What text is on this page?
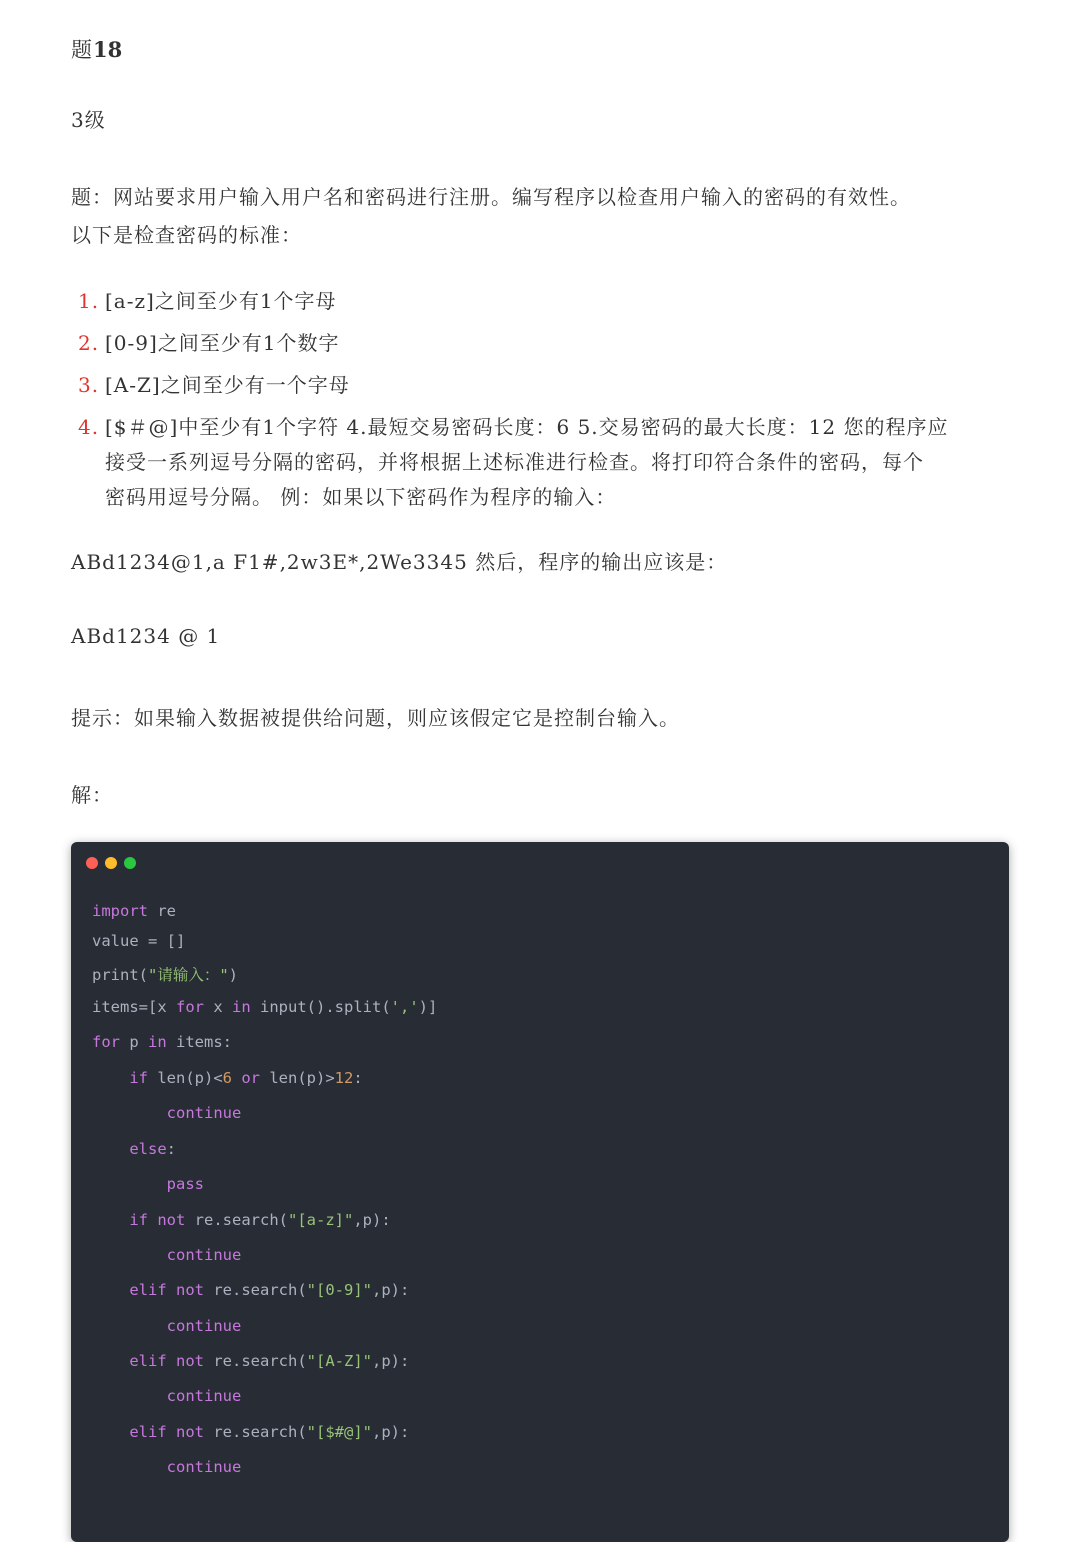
题18
3级
题：网站要求用户输入用户名和密码进行注册。编写程序以检查用户输入的密码的有效性。
以下是检查密码的标准：
1. [a-z]之间至少有1个字母
2. [0-9]之间至少有1个数字
3. [A-Z]之间至少有一个字母
4. [$＃@]中至少有1个字符 4.最短交易密码长度：6 5.交易密码的最大长度：12 您的程序应
接受一系列逗号分隔的密码，并将根据上述标准进行检查。将打印符合条件的密码，每个
密码用逗号分隔。 例：如果以下密码作为程序的输入：
ABd1234@1,a F1#,2w3E*,2We3345 然后，程序的输出应该是：
ABd1234 @ 1
提示：如果输入数据被提供给问题，则应该假定它是控制台输入。
解：
import re
value = []
print("请输入：")
items=[x for x in input().split(',')]
for p in items:
if len(p)<6 or len(p)>12:
continue
else:
pass
if not re.search("[a-z]",p):
continue
elif not re.search("[0-9]",p):
continue
elif not re.search("[A-Z]",p):
continue
elif not re.search("[$#@]",p):
continue
